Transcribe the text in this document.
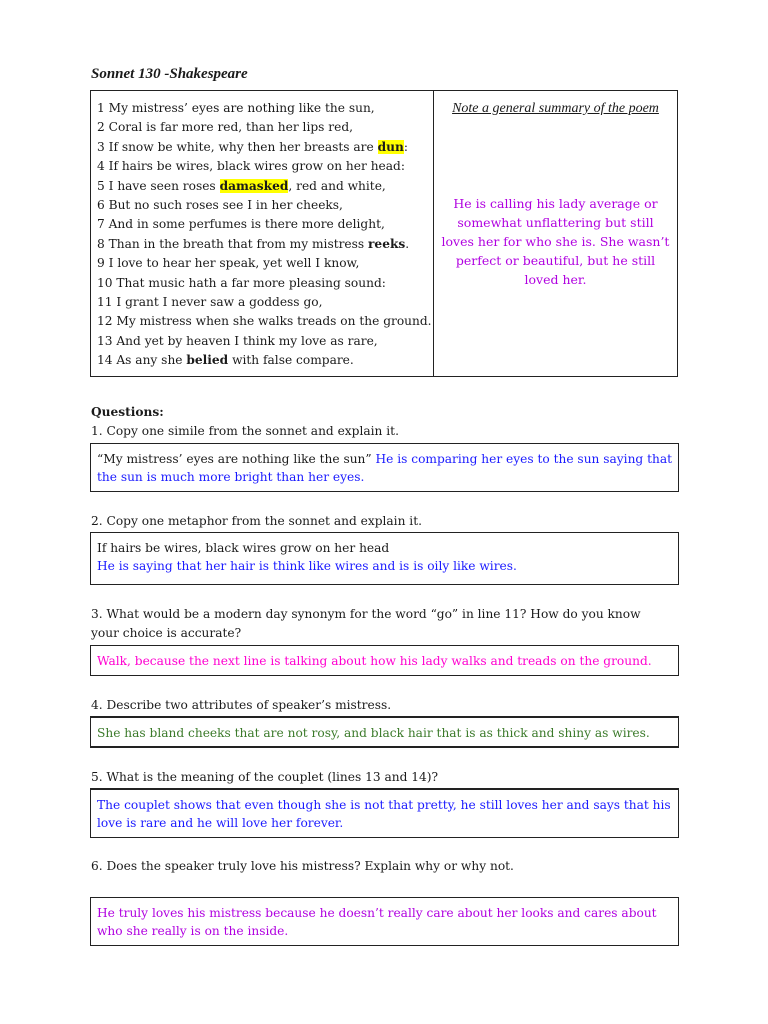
Sonnet 130 -Shakespeare
1 My mistress’ eyes are nothing like the sun,
2 Coral is far more red, than her lips red,
3 If snow be white, why then her breasts are dun:
4 If hairs be wires, black wires grow on her head:
5 I have seen roses damasked, red and white,
6 But no such roses see I in her cheeks,
7 And in some perfumes is there more delight,
8 Than in the breath that from my mistress reeks.
9 I love to hear her speak, yet well I know,
10 That music hath a far more pleasing sound:
11 I grant I never saw a goddess go,
12 My mistress when she walks treads on the ground.
13 And yet by heaven I think my love as rare,
14 As any she belied with false compare.
Note a general summary of the poem
He is calling his lady average or somewhat unflattering but still loves her for who she is. She wasn’t perfect or beautiful, but he still loved her.
Questions:
1. Copy one simile from the sonnet and explain it.
“My mistress’ eyes are nothing like the sun” He is comparing her eyes to the sun saying that the sun is much more bright than her eyes.
2. Copy one metaphor from the sonnet and explain it.
If hairs be wires, black wires grow on her head
He is saying that her hair is think like wires and is is oily like wires.
3. What would be a modern day synonym for the word “go” in line 11? How do you know your choice is accurate?
Walk, because the next line is talking about how his lady walks and treads on the ground.
4. Describe two attributes of speaker’s mistress.
She has bland cheeks that are not rosy, and black hair that is as thick and shiny as wires.
5. What is the meaning of the couplet (lines 13 and 14)?
The couplet shows that even though she is not that pretty, he still loves her and says that his love is rare and he will love her forever.
6. Does the speaker truly love his mistress? Explain why or why not.
He truly loves his mistress because he doesn’t really care about her looks and cares about who she really is on the inside.
